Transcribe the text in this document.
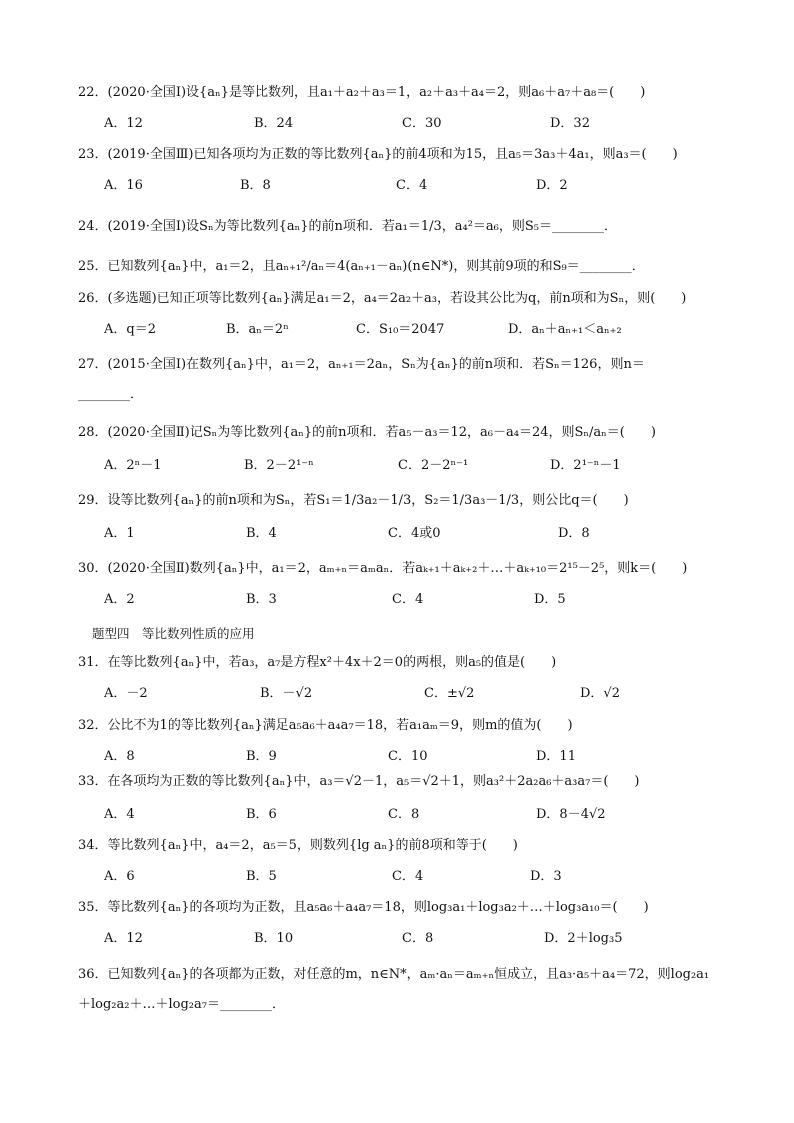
22．(2020·全国Ⅰ)设{aₙ}是等比数列，且a₁＋a₂＋a₃＝1，a₂＋a₃＋a₄＝2，则a₆＋a₇＋a₈＝(　　)
A．12	B．24	C．30	D．32
23．(2019·全国Ⅲ)已知各项均为正数的等比数列{aₙ}的前4项和为15，且a₅＝3a₃＋4a₁，则a₃＝(　　)
A．16	B．8	C．4	D．2
24．(2019·全国Ⅰ)设Sₙ为等比数列{aₙ}的前n项和．若a₁＝1/3，a₄²＝a₆，则S₅＝________．
25．已知数列{aₙ}中，a₁＝2，且aₙ₊₁²/aₙ＝4(aₙ₊₁－aₙ)(n∈N*)，则其前9项的和S₉＝________．
26．(多选题)已知正项等比数列{aₙ}满足a₁＝2，a₄＝2a₂＋a₃，若设其公比为q，前n项和为Sₙ，则(　　)
A．q＝2	B．aₙ＝2ⁿ	C．S₁₀＝2047	D．aₙ＋aₙ₊₁＜aₙ₊₂
27．(2015·全国Ⅰ)在数列{aₙ}中，a₁＝2，aₙ₊₁＝2aₙ，Sₙ为{aₙ}的前n项和．若Sₙ＝126，则n＝
________．
28．(2020·全国Ⅱ)记Sₙ为等比数列{aₙ}的前n项和．若a₅－a₃＝12，a₆－a₄＝24，则Sₙ/aₙ＝(　　)
A．2ⁿ－1	B．2－2¹⁻ⁿ	C．2－2ⁿ⁻¹	D．2¹⁻ⁿ－1
29．设等比数列{aₙ}的前n项和为Sₙ，若S₁＝1/3a₂－1/3，S₂＝1/3a₃－1/3，则公比q＝(　　)
A．1	B．4	C．4或0	D．8
30．(2020·全国Ⅱ)数列{aₙ}中，a₁＝2，aₘ₊ₙ＝aₘaₙ．若aₖ₊₁＋aₖ₊₂＋…＋aₖ₊₁₀＝2¹⁵－2⁵，则k＝(　　)
A．2	B．3	C．4	D．5
题型四　等比数列性质的应用
31．在等比数列{aₙ}中，若a₃，a₇是方程x²＋4x＋2＝0的两根，则a₅的值是(　　)
A．－2	B．－√2	C．±√2	D．√2
32．公比不为1的等比数列{aₙ}满足a₅a₆＋a₄a₇＝18，若a₁aₘ＝9，则m的值为(　　)
A．8	B．9	C．10	D．11
33．在各项均为正数的等比数列{aₙ}中，a₃＝√2－1，a₅＝√2＋1，则a₃²＋2a₂a₆＋a₃a₇＝(　　)
A．4	B．6	C．8	D．8－4√2
34．等比数列{aₙ}中，a₄＝2，a₅＝5，则数列{lg aₙ}的前8项和等于(　　)
A．6	B．5	C．4	D．3
35．等比数列{aₙ}的各项均为正数，且a₅a₆＋a₄a₇＝18，则log₃a₁＋log₃a₂＋…＋log₃a₁₀＝(　　)
A．12	B．10	C．8	D．2＋log₃5
36．已知数列{aₙ}的各项都为正数，对任意的m，n∈N*，aₘ·aₙ＝aₘ₊ₙ恒成立，且a₃·a₅＋a₄＝72，则log₂a₁
＋log₂a₂＋…＋log₂a₇＝________．
